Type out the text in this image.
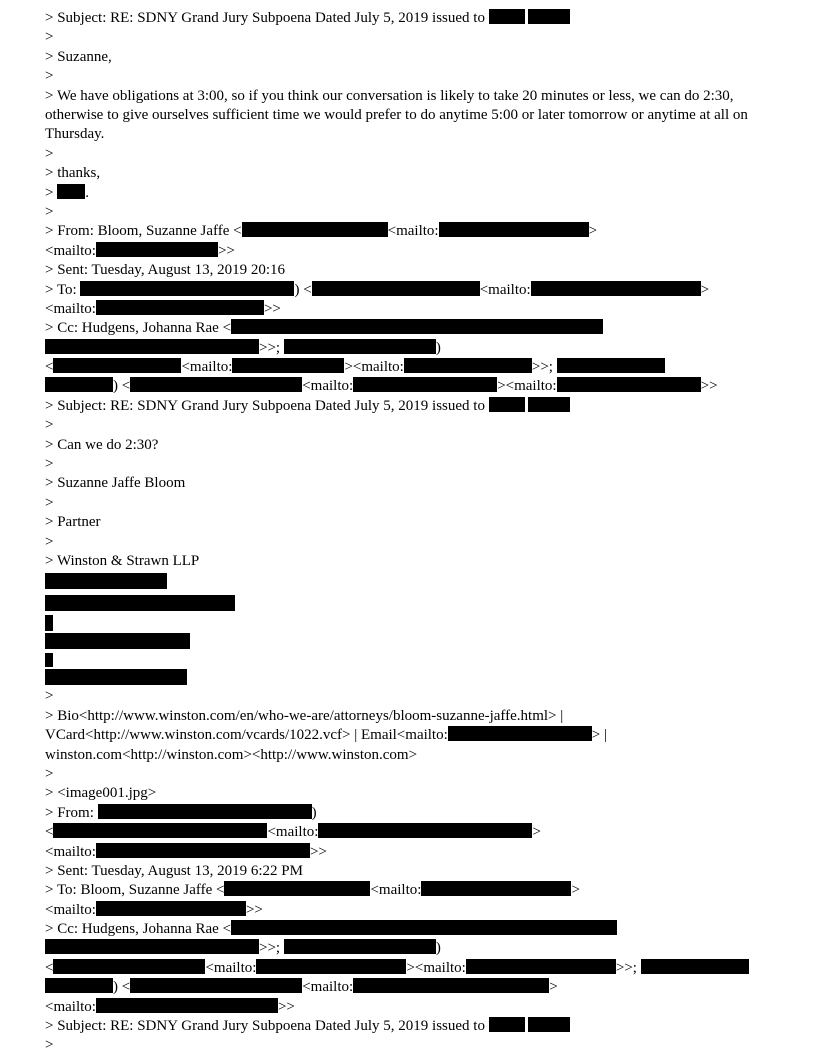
> Subject: RE: SDNY Grand Jury Subpoena Dated July 5, 2019 issued to
>
> Suzanne,
>
> We have obligations at 3:00, so if you think our conversation is likely to take 20 minutes or less, we can do 2:30, otherwise to give ourselves sufficient time we would prefer to do anytime 5:00 or later tomorrow or anytime at all on Thursday.
>
> thanks,
> .
>
> From: Bloom, Suzanne Jaffe <	<mailto:	>
<mailto:	>>
> Sent: Tuesday, August 13, 2019 20:16
> To:	) <	<mailto:	>
<mailto:	>>
> Cc: Hudgens, Johanna Rae <
>>;	)
<	<mailto:	><mailto:	>>;
) <	<mailto:	><mailto:	>>
> Subject: RE: SDNY Grand Jury Subpoena Dated July 5, 2019 issued to
>
> Can we do 2:30?
>
> Suzanne Jaffe Bloom
>
> Partner
>
> Winston & Strawn LLP
>
> Bio<http://www.winston.com/en/who-we-are/attorneys/bloom-suzanne-jaffe.html> |
VCard<http://www.winston.com/vcards/1022.vcf> | Email<mailto:	> |
winston.com<http://winston.com><http://www.winston.com>
>
> <image001.jpg>
> From:	)
<	<mailto:	>
<mailto:	>>
> Sent: Tuesday, August 13, 2019 6:22 PM
> To: Bloom, Suzanne Jaffe <	<mailto:	>
<mailto:	>>
> Cc: Hudgens, Johanna Rae <
>>;	)
<	<mailto:	><mailto:	>>;
) <	<mailto:	>
<mailto:	>>
> Subject: RE: SDNY Grand Jury Subpoena Dated July 5, 2019 issued to
>
